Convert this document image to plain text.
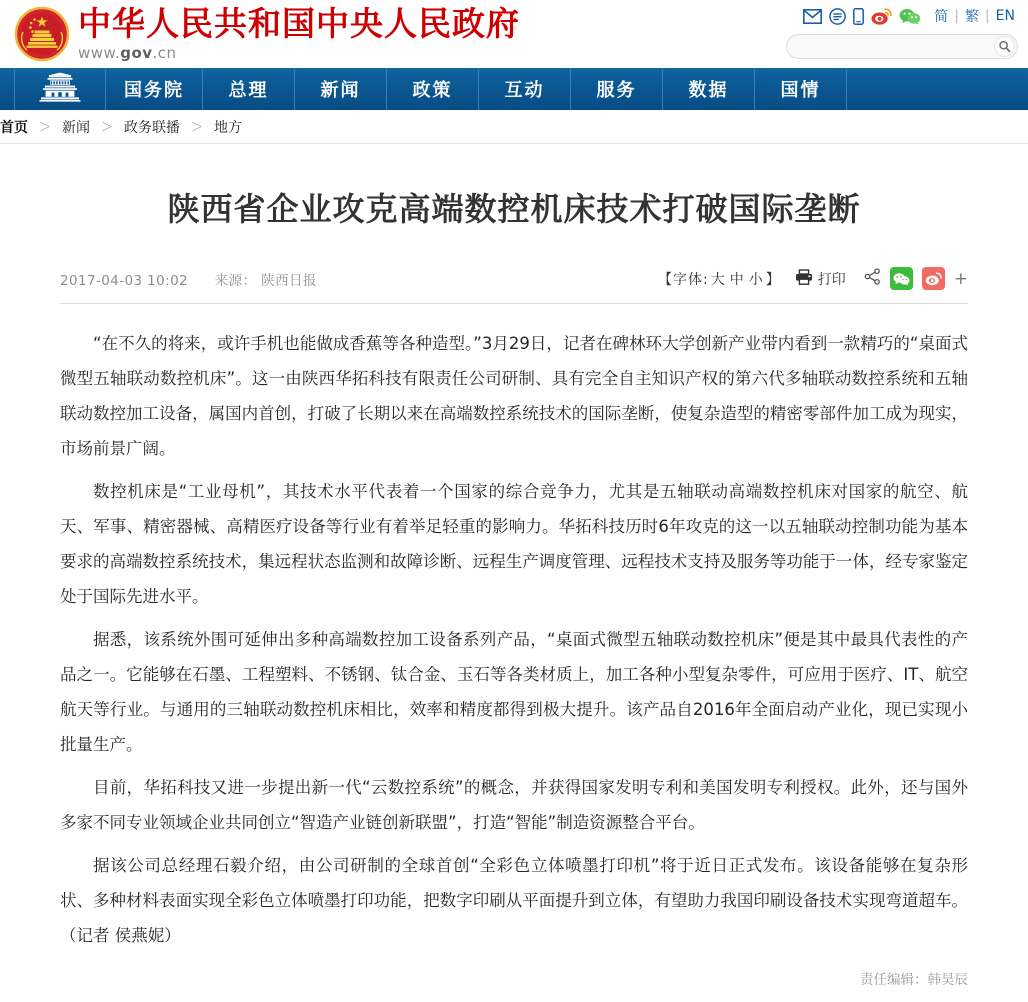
中华人民共和国中央人民政府
www.gov.cn
简 | 繁 | EN
国务院	总理	新闻	政策	互动	服务	数据	国情
首页 ＞ 新闻 ＞ 政务联播 ＞ 地方
陕西省企业攻克高端数控机床技术打破国际垄断
2017-04-03 10:02 来源： 陕西日报	【字体: 大 中 小 】	打印	+

“在不久的将来，或许手机也能做成香蕉等各种造型。”3月29日，记者在碑林环大学创新产业带内看到一款精巧的“桌面式微型五轴联动数控机床”。这一由陕西华拓科技有限责任公司研制、具有完全自主知识产权的第六代多轴联动数控系统和五轴联动数控加工设备，属国内首创，打破了长期以来在高端数控系统技术的国际垄断，使复杂造型的精密零部件加工成为现实，市场前景广阔。

数控机床是“工业母机”，其技术水平代表着一个国家的综合竞争力，尤其是五轴联动高端数控机床对国家的航空、航天、军事、精密器械、高精医疗设备等行业有着举足轻重的影响力。华拓科技历时6年攻克的这一以五轴联动控制功能为基本要求的高端数控系统技术，集远程状态监测和故障诊断、远程生产调度管理、远程技术支持及服务等功能于一体，经专家鉴定处于国际先进水平。

据悉，该系统外围可延伸出多种高端数控加工设备系列产品，“桌面式微型五轴联动数控机床”便是其中最具代表性的产品之一。它能够在石墨、工程塑料、不锈钢、钛合金、玉石等各类材质上，加工各种小型复杂零件，可应用于医疗、IT、航空航天等行业。与通用的三轴联动数控机床相比，效率和精度都得到极大提升。该产品自2016年全面启动产业化，现已实现小批量生产。

目前，华拓科技又进一步提出新一代“云数控系统”的概念，并获得国家发明专利和美国发明专利授权。此外，还与国外多家不同专业领域企业共同创立“智造产业链创新联盟”，打造“智能”制造资源整合平台。

据该公司总经理石毅介绍，由公司研制的全球首创“全彩色立体喷墨打印机”将于近日正式发布。该设备能够在复杂形状、多种材料表面实现全彩色立体喷墨打印功能，把数字印刷从平面提升到立体，有望助力我国印刷设备技术实现弯道超车。（记者 侯燕妮）

责任编辑：韩昊辰
